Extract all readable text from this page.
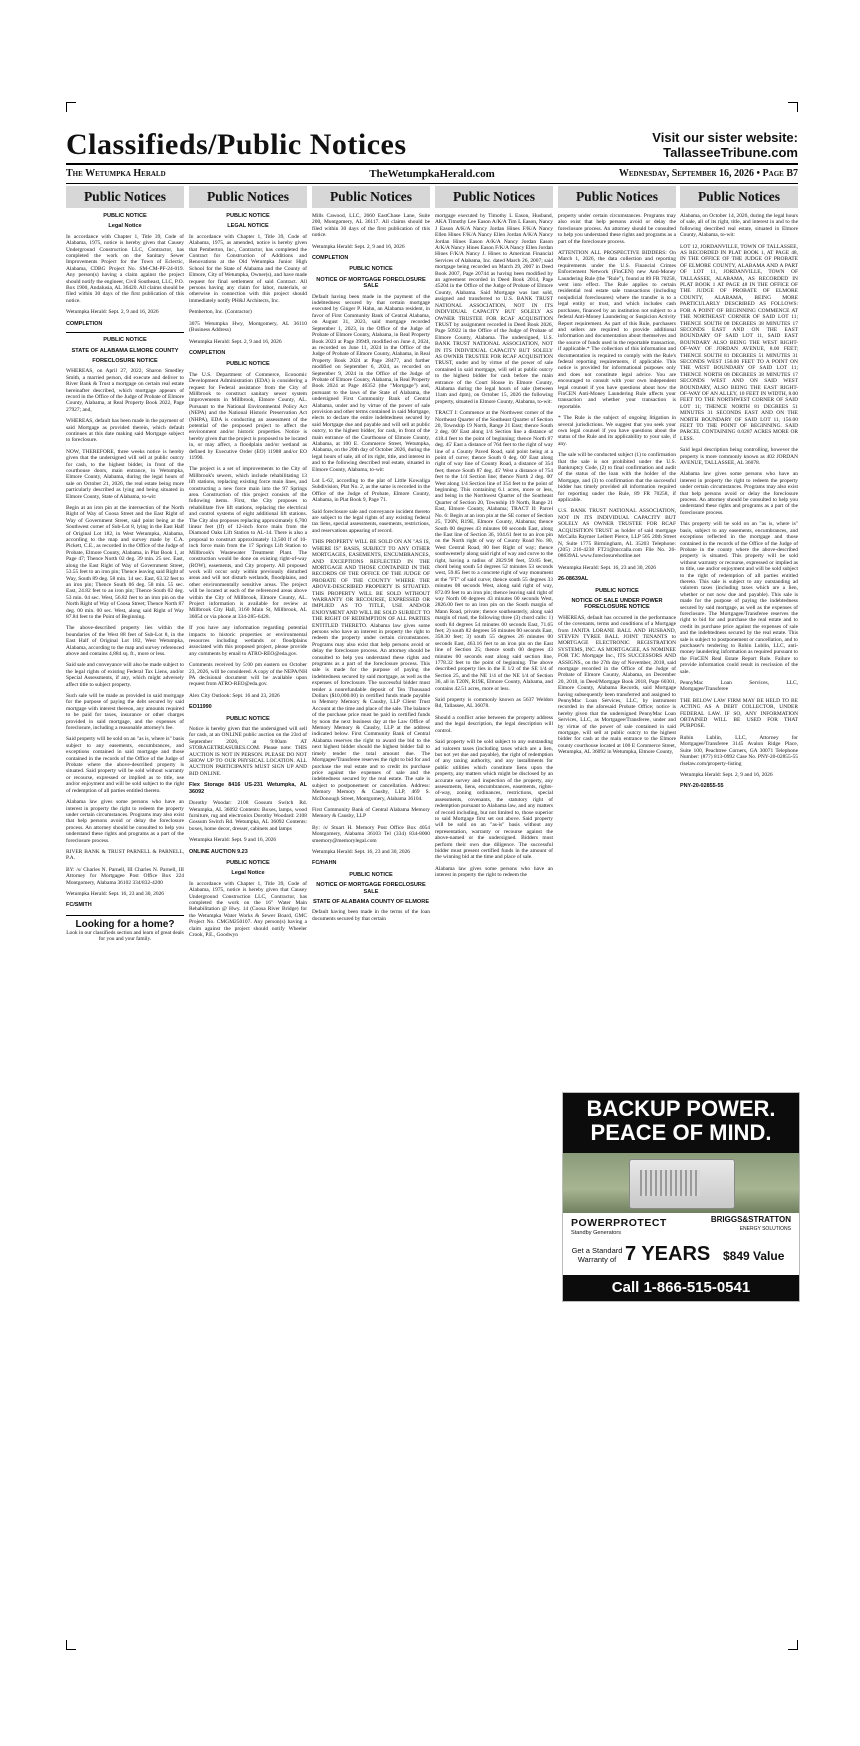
Classifieds/Public Notices	Visit our sister website:
TallasseeTribune.com
The Wetumpka Herald	TheWetumpkaHerald.com	Wednesday, September 16, 2026 • Page B7
Public Notices

PUBLIC NOTICE

Legal Notice

In accordance with Chapter 1, Title 39, Code of Alabama, 1975, notice is hereby given that Causey Underground Construction LLC, Contractor, has completed the work on the Sanitary Sewer Improvements Project for the Town of Eclectic, Alabama, CDBG Project No. SM-CM-PF-24-019. Any person(s) having a claim against the project should notify the engineer, Civil Southeast, LLC, P.O. Box 1900, Andalusia, AL 36420. All claims should be filed within 30 days of the first publication of this notice.

Wetumpka Herald: Sept. 2, 9 and 16, 2026

COMPLETION

PUBLIC NOTICE

STATE OF ALABAMA ELMORE COUNTY

FORECLOSURE NOTICE

WHEREAS, on April 27, 2022, Sharon Smedley Smith, a married person, did execute and deliver to River Bank & Trust a mortgage on certain real estate hereinafter described, which mortgage appears of record in the Office of the Judge of Probate of Elmore County, Alabama, at Real Property Book 2022, Page 27927; and,

WHEREAS, default has been made in the payment of said Mortgage as provided therein, which default continues at this date making said Mortgage subject to foreclosure.

NOW, THEREFORE, three weeks notice is hereby given that the undersigned will sell at public outcry for cash, to the highest bidder, in front of the courthouse doors, main entrance, in Wetumpka, Elmore County, Alabama, during the legal hours of sale on October 21, 2026, the real estate being more particularly described as lying and being situated in Elmore County, State of Alabama, to-wit:

Begin at an iron pin at the intersection of the North Right of Way of Coosa Street and the East Right of Way of Government Street, said point being at the Southwest corner of Sub-Lot 8, lying in the East Half of Original Lot 182, in West Wetumpka, Alabama, according to the map and survey made by C.A. Pickett, C.E., as recorded in the Office of the Judge of Probate, Elmore County, Alabama, in Plat Book 1, at Page 47; Thence North 02 deg. 39 min. 25 sec. East, along the East Right of Way of Government Street, 53.55 feet to an iron pin; Thence leaving said Right of Way, South 89 deg. 58 min. 14 sec. East, 63.32 feet to an iron pin; Thence South 06 deg. 58 min. 55 sec. East, 24.82 feet to an iron pin; Thence South 02 deg. 53 min. 04 sec. West, 56.82 feet to an iron pin on the North Right of Way of Coosa Street; Thence North 87 deg. 00 min. 00 sec. West, along said Right of Way 87.84 feet to the Point of Beginning.

The above-described property lies within the boundaries of the West 88 feet of Sub-Lot 8, in the East Half of Original Lot 182, West Wetumpka, Alabama, according to the map and survey referenced above and contains 4,884 sq. ft., more or less.

Said sale and conveyance will also be made subject to the legal rights of existing Federal Tax Liens, and/or Special Assessments, if any, which might adversely affect title to subject property.

Such sale will be made as provided in said mortgage for the purpose of paying the debt secured by said mortgage with interest thereon, any amounts required to be paid for taxes, insurance or other charges provided in said mortgage, and the expenses of foreclosure, including a reasonable attorney's fee.

Said property will be sold on an "as is, where is" basis subject to any easements, encumbrances, and exceptions contained in said mortgage and those contained in the records of the Office of the Judge of Probate where the above-described property is situated. Said property will be sold without warranty or recourse, expressed or implied as to title, use and/or enjoyment and will be sold subject to the right of redemption of all parties entitled thereto.

Alabama law gives some persons who have an interest in property the right to redeem the property under certain circumstances. Programs may also exist that help persons avoid or delay the foreclosure process. An attorney should be consulted to help you understand these rights and programs as a part of the foreclosure process.

RIVER BANK & TRUST PARNELL & PARNELL, P.A.

BY: /s/ Charles N. Parnell, III Charles N. Parnell, III Attorney for Mortgagee Post Office Box 224 Montgomery, Alabama 36102 334/832-4200

Wetumpka Herald: Sept. 16, 23 and 30, 2026

FC/SMITH

Looking for a home?
Look in our classifieds section and learn of great deals for you and your family.
Public Notices

PUBLIC NOTICE

LEGAL NOTICE

In accordance with Chapter 1, Title 39, Code of Alabama, 1975, as amended, notice is hereby given that Pemberton, Inc., Contractor, has completed the Contract for Construction of Additions and Renovations at the Old Wetumpka Junior High School for the State of Alabama and the County of Elmore, City of Wetumpka, Owner(s), and have made request for final settlement of said Contract. All persons having any claim for labor, materials, or otherwise in connection with this project should immediately notify PH&J Architects, Inc.

Pemberton, Inc. (Contractor)

3075 Wetumpka Hwy, Montgomery, AL 36110 (Business Address)

Wetumpka Herald: Sept. 2, 9 and 16, 2026

COMPLETION

PUBLIC NOTICE

The U.S. Department of Commerce, Economic Development Administration (EDA) is considering a request for Federal assistance from the City of Millbrook to construct sanitary sewer system improvements in Millbrook, Elmore County, AL. Pursuant to the National Environmental Policy Act (NEPA) and the National Historic Preservation Act (NHPA), EDA is conducting an assessment of the potential of the proposed project to affect the environment and/or historic properties. Notice is hereby given that the project is proposed to be located in, or may affect, a floodplain and/or wetland as defined by Executive Order (EO) 11988 and/or EO 11990.

The project is a set of improvements to the City of Millbrook's sewers, which include rehabilitating 13 lift stations, replacing existing force main lines, and constructing a new force main into the 97 Springs area. Construction of this project consists of the following items. First, the City proposes to rehabilitate five lift stations, replacing the electrical and control systems of eight additional lift stations. The City also proposes replacing approximately 6,700 linear feet (lf) of 12-inch force main from the Diamond Oaks Lift Station to AL-14. There is also a proposal to construct approximately 13,500 lf of 10-inch force main from the 17 Springs Lift Station to Millbrook's Wastewater Treatment Plant. The construction would be done on existing right-of-way (ROW), easements, and City property. All proposed work will occur only within previously disturbed areas and will not disturb wetlands, floodplains, and other environmentally sensitive areas. The project will be located at each of the referenced areas above within the City of Millbrook, Elmore County, AL. Project information is available for review at Millbrook City Hall, 3160 Main St, Millbrook, AL 36054 or via phone at 334-285-6428.

If you have any information regarding potential impacts to historic properties or environmental resources including wetlands or floodplains associated with this proposed project, please provide any comments by email to ATRO-REO@eda.gov.

Comments received by 5:00 pm eastern on October 23, 2026, will be considered. A copy of the NEPA/NH PA decisional document will be available upon request from ATRO-REO@eda.gov.

Alex City Outlook: Sept. 16 and 23, 2026

EO11990

PUBLIC NOTICE

Notice is hereby given that the undersigned will sell for cash, at an ONLINE public auction on the 23rd of September 2026, at 9:00am AT STORAGETREASURES.COM. Please note: THIS AUCTION IS NOT IN PERSON. PLEASE DO NOT SHOW UP TO OUR PHYSICAL LOCATION. ALL AUCTION PARTICIPANTS MUST SIGN UP AND BID ONLINE.

Flex Storage 8416 US-231 Wetumpka, AL 36092

Dorothy Woodar: 2108 Gossum Switch Rd. Wetumpka, AL 36092 Contents: Boxes, lamps, wood furniture, rug and electronics Dorothy Woodard: 2108 Gossum Switch Rd. Wetumpka, AL 36092 Contents: boxes, home decor, dresser, cabinets and lamps

Wetumpka Herald: Sept. 9 and 16, 2026

ONLINE AUCTION 9.23

PUBLIC NOTICE

Legal Notice

In accordance with Chapter 1, Title 39, Code of Alabama, 1975, notice is hereby given that Causey Underground Construction LLC, Contractor, has completed the work on the 16" Water Main Rehabilitation @ Hwy. 14 (Coosa River Bridge) for the Wetumpka Water Works & Sewer Board, GMC Project No. CMGM250107. Any person(s) having a claim against the project should notify Wheeler Crook, P.E., Goodwyn

Public Notices

Mills Cawood, LLC, 2660 EastChase Lane, Suite 200, Montgomery, AL 36117. All claims should be filed within 30 days of the first publication of this notice.

Wetumpka Herald: Sept. 2, 9 and 16, 2026

COMPLETION

PUBLIC NOTICE

NOTICE OF MORTGAGE FORECLOSURE SALE

Default having been made in the payment of the indebtedness secured by that certain mortgage executed by Ginger P. Hahn, an Alabama resident, in favor of First Community Bank of Central Alabama, on August 31, 2023, said mortgage recorded September 1, 2023, in the Office of the Judge of Probate of Elmore County, Alabama, in Real Property Book 2023 at Page 39949, modified on June 4, 2024, as recorded on June 11, 2024 in the Office of the Judge of Probate of Elmore County, Alabama, in Real Property Book 2024 at Page 28477, and further modified on September 6, 2024, as recorded on September 9, 2024 in the Office of the Judge of Probate of Elmore County, Alabama, in Real Property Book 2024 at Page 46352 (the "Mortgage") and, pursuant to the laws of the State of Alabama, the undersigned First Community Bank of Central Alabama, under and by virtue of the power of sale provision and other terms contained in said Mortgage, elects to declare the entire indebtedness secured by said Mortgage due and payable and will sell at public outcry, to the highest bidder, for cash, in front of the main entrance of the Courthouse of Elmore County, Alabama, at 100 E. Commerce Street, Wetumpka, Alabama, on the 20th day of October 2026, during the legal hours of sale, all of its right, title, and interest in and to the following described real estate, situated in Elmore County, Alabama, to-wit:

Lot L-62, according to the plat of Little Kowaliga Subdivision, Plat No. 2, as the same is recorded in the Office of the Judge of Probate, Elmore County, Alabama, in Plat Book 9, Page 71.

Said foreclosure sale and conveyance incident thereto are subject to the legal rights of any existing federal tax liens, special assessments, easements, restrictions, and reservations appearing of record.

THIS PROPERTY WILL BE SOLD ON AN "AS IS, WHERE IS" BASIS, SUBJECT TO ANY OTHER MORTGAGES, EASEMENTS, ENCUMBRANCES, AND EXCEPTIONS REFLECTED IN THE MORTGAGE AND THOSE CONTAINED IN THE RECORDS OF THE OFFICE OF THE JUDGE OF PROBATE OF THE COUNTY WHERE THE ABOVE-DESCRIBED PROPERTY IS SITUATED. THIS PROPERTY WILL BE SOLD WITHOUT WARRANTY OR RECOURSE, EXPRESSED OR IMPLIED AS TO TITLE, USE AND/OR ENJOYMENT AND WILL BE SOLD SUBJECT TO THE RIGHT OF REDEMPTION OF ALL PARTIES ENTITLED THERETO. Alabama law gives some persons who have an interest in property the right to redeem the property under certain circumstances. Programs may also exist that help persons avoid or delay the foreclosure process. An attorney should be consulted to help you understand these rights and programs as a part of the foreclosure process. This sale is made for the purpose of paying the indebtedness secured by said mortgage, as well as the expenses of foreclosure. The successful bidder must tender a nonrefundable deposit of Ten Thousand Dollars ($10,000.00) in certified funds made payable to Memory Memory & Causby, LLP Client Trust Account at the time and place of the sale. The balance of the purchase price must be paid in certified funds by noon the next business day at the Law Office of Memory Memory & Causby, LLP at the address indicated below. First Community Bank of Central Alabama reserves the right to award the bid to the next highest bidder should the highest bidder fail to timely tender the total amount due. The Mortgagee/Transferee reserves the right to bid for and purchase the real estate and to credit its purchase price against the expenses of sale and the indebtedness secured by the real estate. The sale is subject to postponement or cancellation. Address: Memory Memory & Causby, LLP, 469 S. McDonough Street, Montgomery, Alabama 36104.

First Community Bank of Central Alabama Memory Memory & Causby, LLP

By: /s/ Stuart H. Memory Post Office Box 4054 Montgomery, Alabama 36103 Tel (334) 834-8000 smemory@memorylegal.com

Wetumpka Herald: Sept. 16, 23 and 30, 2026

FC/HAHN

PUBLIC NOTICE

NOTICE OF MORTGAGE FORECLOSURE SALE

STATE OF ALABAMA COUNTY OF ELMORE

Default having been made in the terms of the loan documents secured by that certain

Public Notices

mortgage executed by Timothy L Eason, Husband, AKA Timothy Lee Eason A/K/A Tim L Eason, Nancy J Eason A/K/A Nancy Jordan Hines F/K/A Nancy Ellen Hines F/K/A Nancy Ellen Jordan A/K/A Nancy Jordan Hines Eason A/K/A Nancy Jordan Eason A/K/A Nancy Hines Eason F/K/A Nancy Ellen Jordan Hines F/K/A Nancy J. Hines to American Financial Services of Alabama, Inc. dated March 26, 2007; said mortgage being recorded on March 29, 2007 in Deed Book 2007, Page 20744 as having been modified by an agreement recorded in Deed Book 2014, Page 45204 in the Office of the Judge of Probate of Elmore County, Alabama. Said Mortgage was last sold, assigned and transferred to U.S. BANK TRUST NATIONAL ASSOCIATION, NOT IN ITS INDIVIDUAL CAPACITY BUT SOLELY AS OWNER TRUSTEE FOR RCAF ACQUISITION TRUST by assignment recorded in Deed Book 2026, Page 50922 in the Office of the Judge of Probate of Elmore County, Alabama. The undersigned, U.S. BANK TRUST NATIONAL ASSOCIATION, NOT IN ITS INDIVIDUAL CAPACITY BUT SOLELY AS OWNER TRUSTEE FOR RCAF ACQUISITION TRUST, under and by virtue of the power of sale contained in said mortgage, will sell at public outcry to the highest bidder for cash before the main entrance of the Court House in Elmore County, Alabama during the legal hours of sale (between 11am and 4pm), on October 15, 2026 the following property, situated in Elmore County, Alabama, to-wit:

TRACT I: Commence at the Northwest corner of the Northeast Quarter of the Southeast Quarter of Section 20, Township 19 North, Range 21 East; thence South 2 deg. 00' East along 1/4 Section line a distance of 418.4 feet to the point of beginning; thence North 87 deg. 45' East a distance of 764 feet to the right of way line of a County Paved Road, said point being at a point of curve; thence South 0 deg. 00' East along right of way line of County Road, a distance of 354 feet; thence South 87 deg. 45' West a distance of 754 feet to the 1/4 Section line; thence North 2 deg. 00' West along 1/4 Section line of 354 feet to the point of beginning. This containing 6.1 acres, more or less, and being in the Northwest Quarter of the Southeast Quarter of Section 20, Township 19 North, Range 21 East, Elmore County, Alabama; TRACT II: Parcel No. 6: Begin at an iron pin at the SE corner of Section 25, T20N, R19E, Elmore County, Alabama; thence South 00 degrees 43 minutes 00 seconds East, along the East line of Section 36, 104.61 feet to an iron pin on the North right of way of County Road No. 80, West Central Road, 80 feet Right of way; thence southwesterly along said right of way and curve to the right, having a radius of 2829.98 feet, 59.85 feet, chord being south 54 degrees 52 minutes 53 seconds west, 59.85 feet to a concrete right of way monument at the "FT" of said curve; thence south 55 degrees 33 minutes 08 seconds West, along said right of way, 872.09 feet to an iron pin; thence leaving said right of way North 00 degrees 43 minutes 00 seconds West, 2826.00 feet to an iron pin on the South margin of Mann Road, private; thence southeasterly, along said margin of road, the following three (3) chord calls: 1) south 84 degrees 54 minutes 00 seconds East, 71.65 feet; 2) south 82 degrees 56 minutes 00 seconds East, 358.30 feet; 3) south 55 degrees 26 minutes 00 seconds East, 463.16 feet to an iron pin on the East line of Section 25; thence south 00 degrees 43 minutes 00 seconds east along said section line, 1778.32 feet to the point of beginning. The above described property lies in the E 1/2 of the SE 1/4 of Section 25, and the NE 1/4 of the NE 1/4 of Section 36, all in T20N, R19E, Elmore County, Alabama, and contains 42.51 acres, more or less.

Said property is commonly known as 5637 Weldon Rd, Tallassee, AL 36078.

Should a conflict arise between the property address and the legal description, the legal description will control.

Said property will be sold subject to any outstanding ad valorem taxes (including taxes which are a lien, but not yet due and payable), the right of redemption of any taxing authority, and any installments for public utilities which constitute liens upon the property, any matters which might be disclosed by an accurate survey and inspection of the property, any assessments, liens, encumbrances, easements, rights-of-way, zoning ordinances, restrictions, special assessments, covenants, the statutory right of redemption pursuant to Alabama law, and any matters of record including, but not limited to, those superior to said Mortgage first set out above. Said property will be sold on an "as-is" basis without any representation, warranty or recourse against the above-named or the undersigned. Bidders must perform their own due diligence. The successful bidder must present certified funds in the amount of the winning bid at the time and place of sale.

Alabama law gives some persons who have an interest in property the right to redeem the

Public Notices

property under certain circumstances. Programs may also exist that help persons avoid or delay the foreclosure process. An attorney should be consulted to help you understand these rights and programs as a part of the foreclosure process.

ATTENTION ALL PROSPECTIVE BIDDERS: On March 1, 2026, the data collection and reporting requirements under the U.S. Financial Crimes Enforcement Network (FinCEN) new Anti-Money Laundering Rule (the "Rule"), found at 89 FR 70258, went into effect. The Rule applies to certain residential real estate sale transactions (including nonjudicial foreclosures) where the transfer is to a legal entity or trust, and which includes cash purchases, financed by an institution not subject to a federal Anti-Money Laundering or Suspicion Activity Report requirement. As part of this Rule, purchasers and sellers are required to provide additional information and documentation about themselves and the source of funds used in the reportable transaction, if applicable.* The collection of this information and documentation is required to comply with the Rule's federal reporting requirements, if applicable. This notice is provided for informational purposes only and does not constitute legal advice. You are encouraged to consult with your own independent legal counsel if you have questions about how the FinCEN Anti-Money Laundering Rule affects your transaction and whether your transaction is reportable.

* The Rule is the subject of ongoing litigation in several jurisdictions. We suggest that you seek your own legal counsel if you have questions about the status of the Rule and its applicability to your sale, if any.

The sale will be conducted subject (1) to confirmation that the sale is not prohibited under the U.S. Bankruptcy Code, (2) to final confirmation and audit of the status of the loan with the holder of the Mortgage, and (3) to confirmation that the successful bidder has timely provided all information required for reporting under the Rule, 89 FR 70258, if applicable.

U.S. BANK TRUST NATIONAL ASSOCIATION, NOT IN ITS INDIVIDUAL CAPACITY BUT SOLELY AS OWNER TRUSTEE FOR RCAF ACQUISITION TRUST as holder of said mortgage McCalla Raymer Leibert Pierce, LLP 505 20th Street N, Suite 1775 Birmingham, AL 35203 Telephone: (205) 216-4238 FT21@mccalla.com File No. 26-08639AL www.foreclosurehotline.net

Wetumpka Herald: Sept. 16, 23 and 30, 2026

26-08639AL

PUBLIC NOTICE

NOTICE OF SALE UNDER POWER FORECLOSURE NOTICE

WHEREAS, default has occurred in the performance of the covenants, terms and conditions of a Mortgage from JANITA LORANE BALL AND HUSBAND, STEVEN TYREE BALL JOINT TENANTS to MORTGAGE ELECTRONIC REGISTRATION SYSTEMS, INC. AS MORTGAGEE, AS NOMINEE FOR TJC Mortgage Inc., ITS SUCCESSORS AND ASSIGNS., on the 27th day of November, 2018, said mortgage recorded in the Office of the Judge of Probate of Elmore County, Alabama, on December 20, 2018, in Deed/Mortgage Book 2018, Page 60301, Elmore County, Alabama Records, said Mortgage having subsequently been transferred and assigned to PennyMac Loan Services, LLC, by instrument recorded in the aforesaid Probate Office; notice is hereby given that the undersigned PennyMac Loan Services, LLC, as Mortgagee/Transferee, under and by virtue of the power of sale contained in said mortgage, will sell at public outcry to the highest bidder for cash at the main entrance to the Elmore county courthouse located at 100 E Commerce Street, Wetumpka, AL 36092 in Wetumpka, Elmore County,

Public Notices

Alabama, on October 14, 2026, during the legal hours of sale, all of its right, title, and interest in and to the following described real estate, situated in Elmore County, Alabama, to-wit:

LOT 12, JORDANVILLE, TOWN OF TALLASSEE, AS RECORDED IN PLAT BOOK 1, AT PAGE 48, IN THE OFFICE OF THE JUDGE OF PROBATE OF ELMORE COUNTY, ALABAMA AND A PART OF LOT 11, JORDANVILLE, TOWN OF TALLASSEE, ALABAMA, AS RECORDED IN PLAT BOOK 1 AT PAGE 48 IN THE OFFICE OF THE JUDGE OF PROBATE OF ELMORE COUNTY, ALABAMA, BEING MORE PARTICULARLY DESCRIBED AS FOLLOWS: FOR A POINT OF BEGINNING COMMENCE AT THE NORTHEAST CORNER OF SAID LOT 11; THENCE SOUTH 08 DEGREES 38 MINUTES 17 SECONDS EAST AND ON THE EAST BOUNDARY OF SAID LOT 11, SAID EAST BOUNDARY ALSO BEING THE WEST RIGHT-OF-WAY OF JORDAN AVENUE, 8.00 FEET; THENCE SOUTH 81 DEGREES 51 MINUTES 31 SECONDS WEST 156.00 FEET TO A POINT ON THE WEST BOUNDARY OF SAID LOT 11; THENCE NORTH 08 DEGREES 38 MINUTES 17 SECONDS WEST AND ON SAID WEST BOUNDARY, ALSO BEING THE EAST RIGHT-OF-WAY OF AN ALLEY, 10 FEET IN WIDTH, 8.00 FEET TO THE NORTHWEST CORNER OF SAID LOT 11; THENCE NORTH 81 DEGREES 51 MINUTES 31 SECONDS EAST AND ON THE NORTH BOUNDARY OF SAID LOT 11, 156.00 FEET TO THE POINT OF BEGINNING. SAID PARCEL CONTAINING 0.0287 ACRES MORE OR LESS.

Said legal description being controlling, however the property is more commonly known as 402 JORDAN AVENUE, TALLASSEE, AL 36078.

Alabama law gives some persons who have an interest in property the right to redeem the property under certain circumstances. Programs may also exist that help persons avoid or delay the foreclosure process. An attorney should be consulted to help you understand these rights and programs as a part of the foreclosure process.

This property will be sold on an "as is, where is" basis, subject to any easements, encumbrances, and exceptions reflected in the mortgage and those contained in the records of the Office of the Judge of Probate in the county where the above-described property is situated. This property will be sold without warranty or recourse, expressed or implied as to title, use and/or enjoyment and will be sold subject to the right of redemption of all parties entitled thereto. This sale is subject to any outstanding ad valorem taxes (including taxes which are a lien, whether or not now due and payable). This sale is made for the purpose of paying the indebtedness secured by said mortgage, as well as the expenses of foreclosure. The Mortgagee/Transferee reserves the right to bid for and purchase the real estate and to credit its purchase price against the expenses of sale and the indebtedness secured by the real estate. This sale is subject to postponement or cancellation, and to purchaser's tendering to Rubin Lublin, LLC, anti-money laundering information as required pursuant to the FinCEN Real Estate Report Rule. Failure to provide information could result in rescission of the sale.

PennyMac Loan Services, LLC, Mortgagee/Transferee

THE BELOW LAW FIRM MAY BE HELD TO BE ACTING AS A DEBT COLLECTOR, UNDER FEDERAL LAW. IF SO, ANY INFORMATION OBTAINED WILL BE USED FOR THAT PURPOSE.

Rubin Lublin, LLC, Attorney for Mortgagee/Transferee 3145 Avalon Ridge Place, Suite 100, Peachtree Corners, GA 30071 Telephone Number: (877) 813-0992 Case No. PNY-20-02855-55 rlselaw.com/property-listing

Wetumpka Herald: Sept. 2, 9 and 16, 2026

PNY-20-02855-55

BACKUP POWER.
PEACE OF MIND.
POWERPROTECT
Standby Generators
BRIGGS&STRATTON
ENERGY SOLUTIONS
Get a Standard Warranty of 7 YEARS $849 Value
Call 1-866-515-0541
